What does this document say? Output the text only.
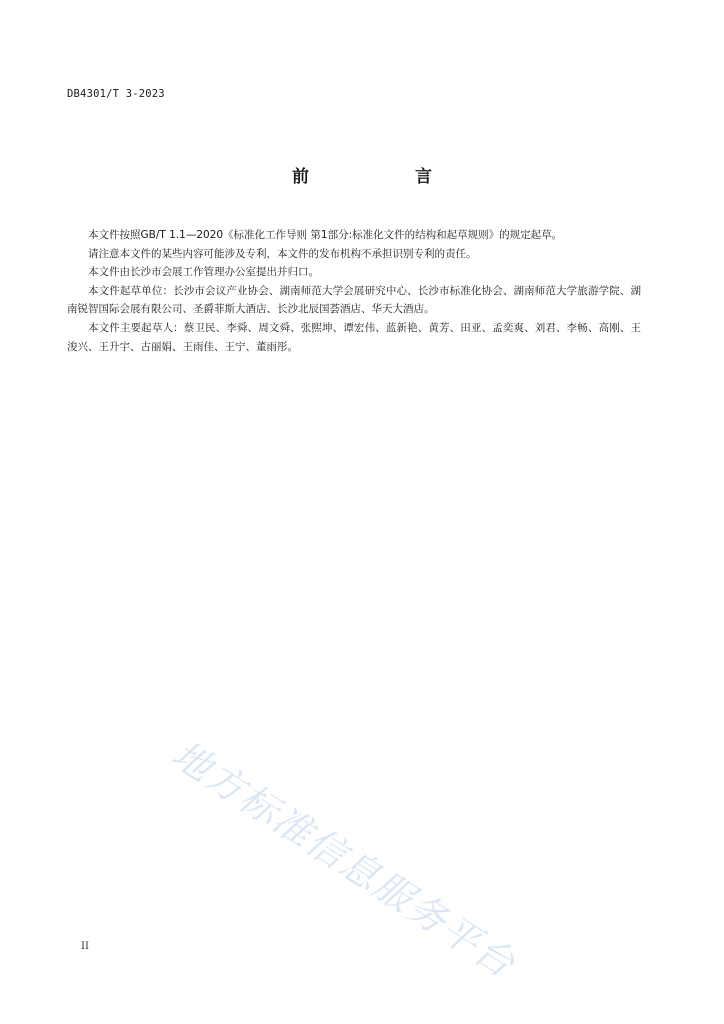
DB4301/T 3-2023
前　　言

本文件按照GB/T 1.1—2020《标准化工作导则 第1部分:标准化文件的结构和起草规则》的规定起草。

请注意本文件的某些内容可能涉及专利，本文件的发布机构不承担识别专利的责任。

本文件由长沙市会展工作管理办公室提出并归口。

本文件起草单位：长沙市会议产业协会、湖南师范大学会展研究中心、长沙市标准化协会、湖南师范大学旅游学院、湖南锐智国际会展有限公司、圣爵菲斯大酒店、长沙北辰国荟酒店、华天大酒店。

本文件主要起草人：蔡卫民、李舜、周文舜、张熙坤、谭宏伟、蓝新艳、黄芳、田亚、孟奕爽、刘君、李畅、高刚、王浚兴、王升宇、古丽娟、王雨佳、王宁、董雨彤。

地方标准信息服务平台
II
